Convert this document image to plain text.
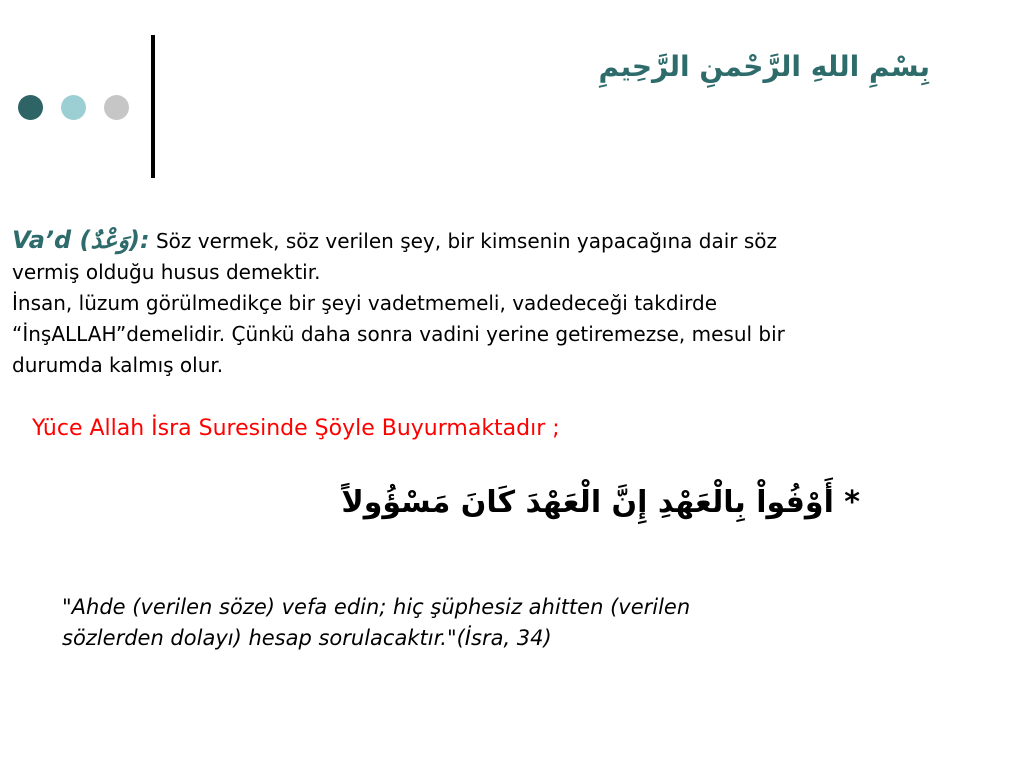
بِسْمِ اللهِ الرَّحْمنِ الرَّحِيمِ
Va’d (وَعْدٌ): Söz vermek, söz verilen şey, bir kimsenin yapacağına dair söz
vermiş olduğu husus demektir.
İnsan, lüzum görülmedikçe bir şeyi vadetmemeli, vadedeceği takdirde
“İnşALLAH”demelidir. Çünkü daha sonra vadini yerine getiremezse, mesul bir
durumda kalmış olur.
Yüce Allah İsra Suresinde Şöyle Buyurmaktadır ;
* أَوْفُواْ بِالْعَهْدِ إِنَّ الْعَهْدَ كَانَ مَسْؤُولاً
"Ahde (verilen söze) vefa edin; hiç şüphesiz ahitten (verilen
sözlerden dolayı) hesap sorulacaktır."(İsra, 34)
